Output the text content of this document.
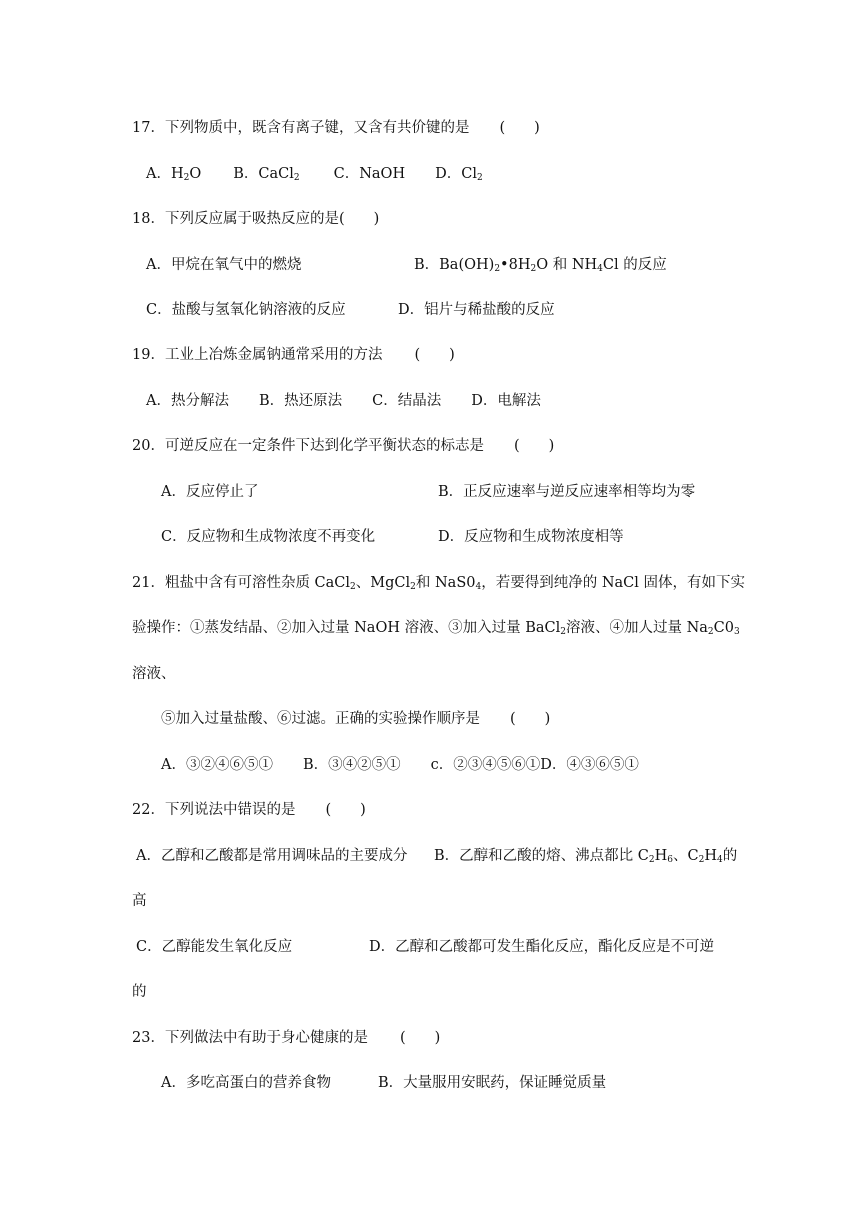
17．下列物质中，既含有离子键，又含有共价键的是 (　　)
A．$H_2O$ B．CaCl$_2$ C．NaOH D．$Cl_2$
18．下列反应属于吸热反应的是(　　)
A．甲烷在氧气中的燃烧	B．$Ba(OH)_2•8H_2O$ 和 $NH_4Cl$ 的反应
C．盐酸与氢氧化钠溶液的反应	D．铝片与稀盐酸的反应
19．工业上冶炼金属钠通常采用的方法 (　　)
A．热分解法 B．热还原法 C．结晶法 D．电解法
20．可逆反应在一定条件下达到化学平衡状态的标志是 (　　)
A．反应停止了	B．正反应速率与逆反应速率相等均为零
C．反应物和生成物浓度不再变化	D．反应物和生成物浓度相等
21．粗盐中含有可溶性杂质 CaCl$_2$、MgCl$_2$和 $NaS0_4$，若要得到纯净的 NaCl 固体，有如下实
验操作：①蒸发结晶、②加入过量 NaOH 溶液、③加入过量 BaCl$_2$溶液、④加人过量 $Na_2C0_3$
溶液、
⑤加入过量盐酸、⑥过滤。正确的实验操作顺序是 (　　)
A．③②④⑥⑤① B．③④②⑤① c．②③④⑤⑥①D．④③⑥⑤①
22．下列说法中错误的是 (　　)
A．乙醇和乙酸都是常用调味品的主要成分 B．乙醇和乙酸的熔、沸点都比 $C_2H_6$、$C_2H_4$的
高
C．乙醇能发生氧化反应	D．乙醇和乙酸都可发生酯化反应，酯化反应是不可逆
的
23．下列做法中有助于身心健康的是 (　　)
A．多吃高蛋白的营养食物	B．大量服用安眠药，保证睡觉质量
